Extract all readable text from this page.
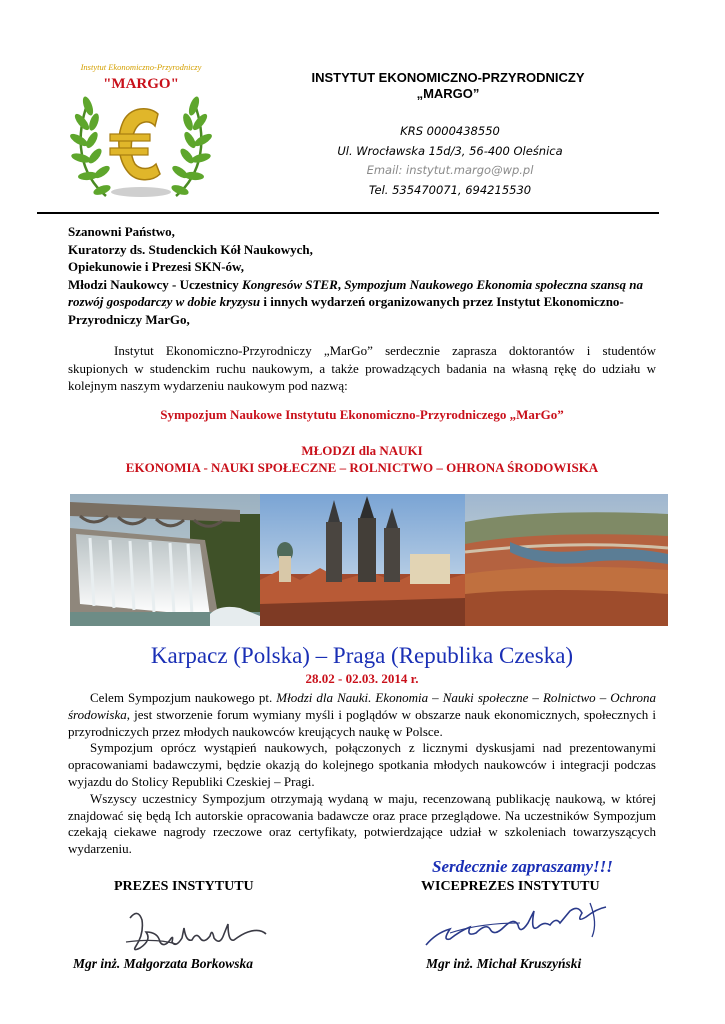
Instytut Ekonomiczno-Przyrodniczy
"MARGO"	INSTYTUT EKONOMICZNO-PRZYRODNICZY
„MARGO”
KRS 0000438550
Ul. Wrocławska 15d/3, 56-400 Oleśnica
Email: instytut.margo@wp.pl
Tel. 535470071, 694215530
Szanowni Państwo,
Kuratorzy ds. Studenckich Kół Naukowych,
Opiekunowie i Prezesi SKN-ów,
Młodzi Naukowcy - Uczestnicy Kongresów STER, Sympozjum Naukowego Ekonomia społeczna szansą na rozwój gospodarczy w dobie kryzysu i innych wydarzeń organizowanych przez Instytut Ekonomiczno-Przyrodniczy MarGo,
Instytut Ekonomiczno-Przyrodniczy „MarGo” serdecznie zaprasza doktorantów i studentów skupionych w studenckim ruchu naukowym, a także prowadzących badania na własną rękę do udziału w kolejnym naszym wydarzeniu naukowym pod nazwą:
Sympozjum Naukowe Instytutu Ekonomiczno-Przyrodniczego „MarGo”
MŁODZI dla NAUKI
EKONOMIA - NAUKI SPOŁECZNE – ROLNICTWO – OHRONA ŚRODOWISKA
Karpacz (Polska) – Praga (Republika Czeska)
28.02 - 02.03. 2014 r.

Celem Sympozjum naukowego pt. Młodzi dla Nauki. Ekonomia – Nauki społeczne – Rolnictwo – Ochrona środowiska, jest stworzenie forum wymiany myśli i poglądów w obszarze nauk ekonomicznych, społecznych i przyrodniczych przez młodych naukowców kreujących naukę w Polsce.

Sympozjum oprócz wystąpień naukowych, połączonych z licznymi dyskusjami nad prezentowanymi opracowaniami badawczymi, będzie okazją do kolejnego spotkania młodych naukowców i integracji podczas wyjazdu do Stolicy Republiki Czeskiej – Pragi.

Wszyscy uczestnicy Sympozjum otrzymają wydaną w maju, recenzowaną publikację naukową, w której znajdować się będą Ich autorskie opracowania badawcze oraz prace przeglądowe. Na uczestników Sympozjum czekają ciekawe nagrody rzeczowe oraz certyfikaty, potwierdzające udział w szkoleniach towarzyszących wydarzeniu.

Serdecznie zapraszamy!!!
PREZES INSTYTUTU	WICEPREZES INSTYTUTU
Mgr inż. Małgorzata Borkowska	Mgr inż. Michał Kruszyński
